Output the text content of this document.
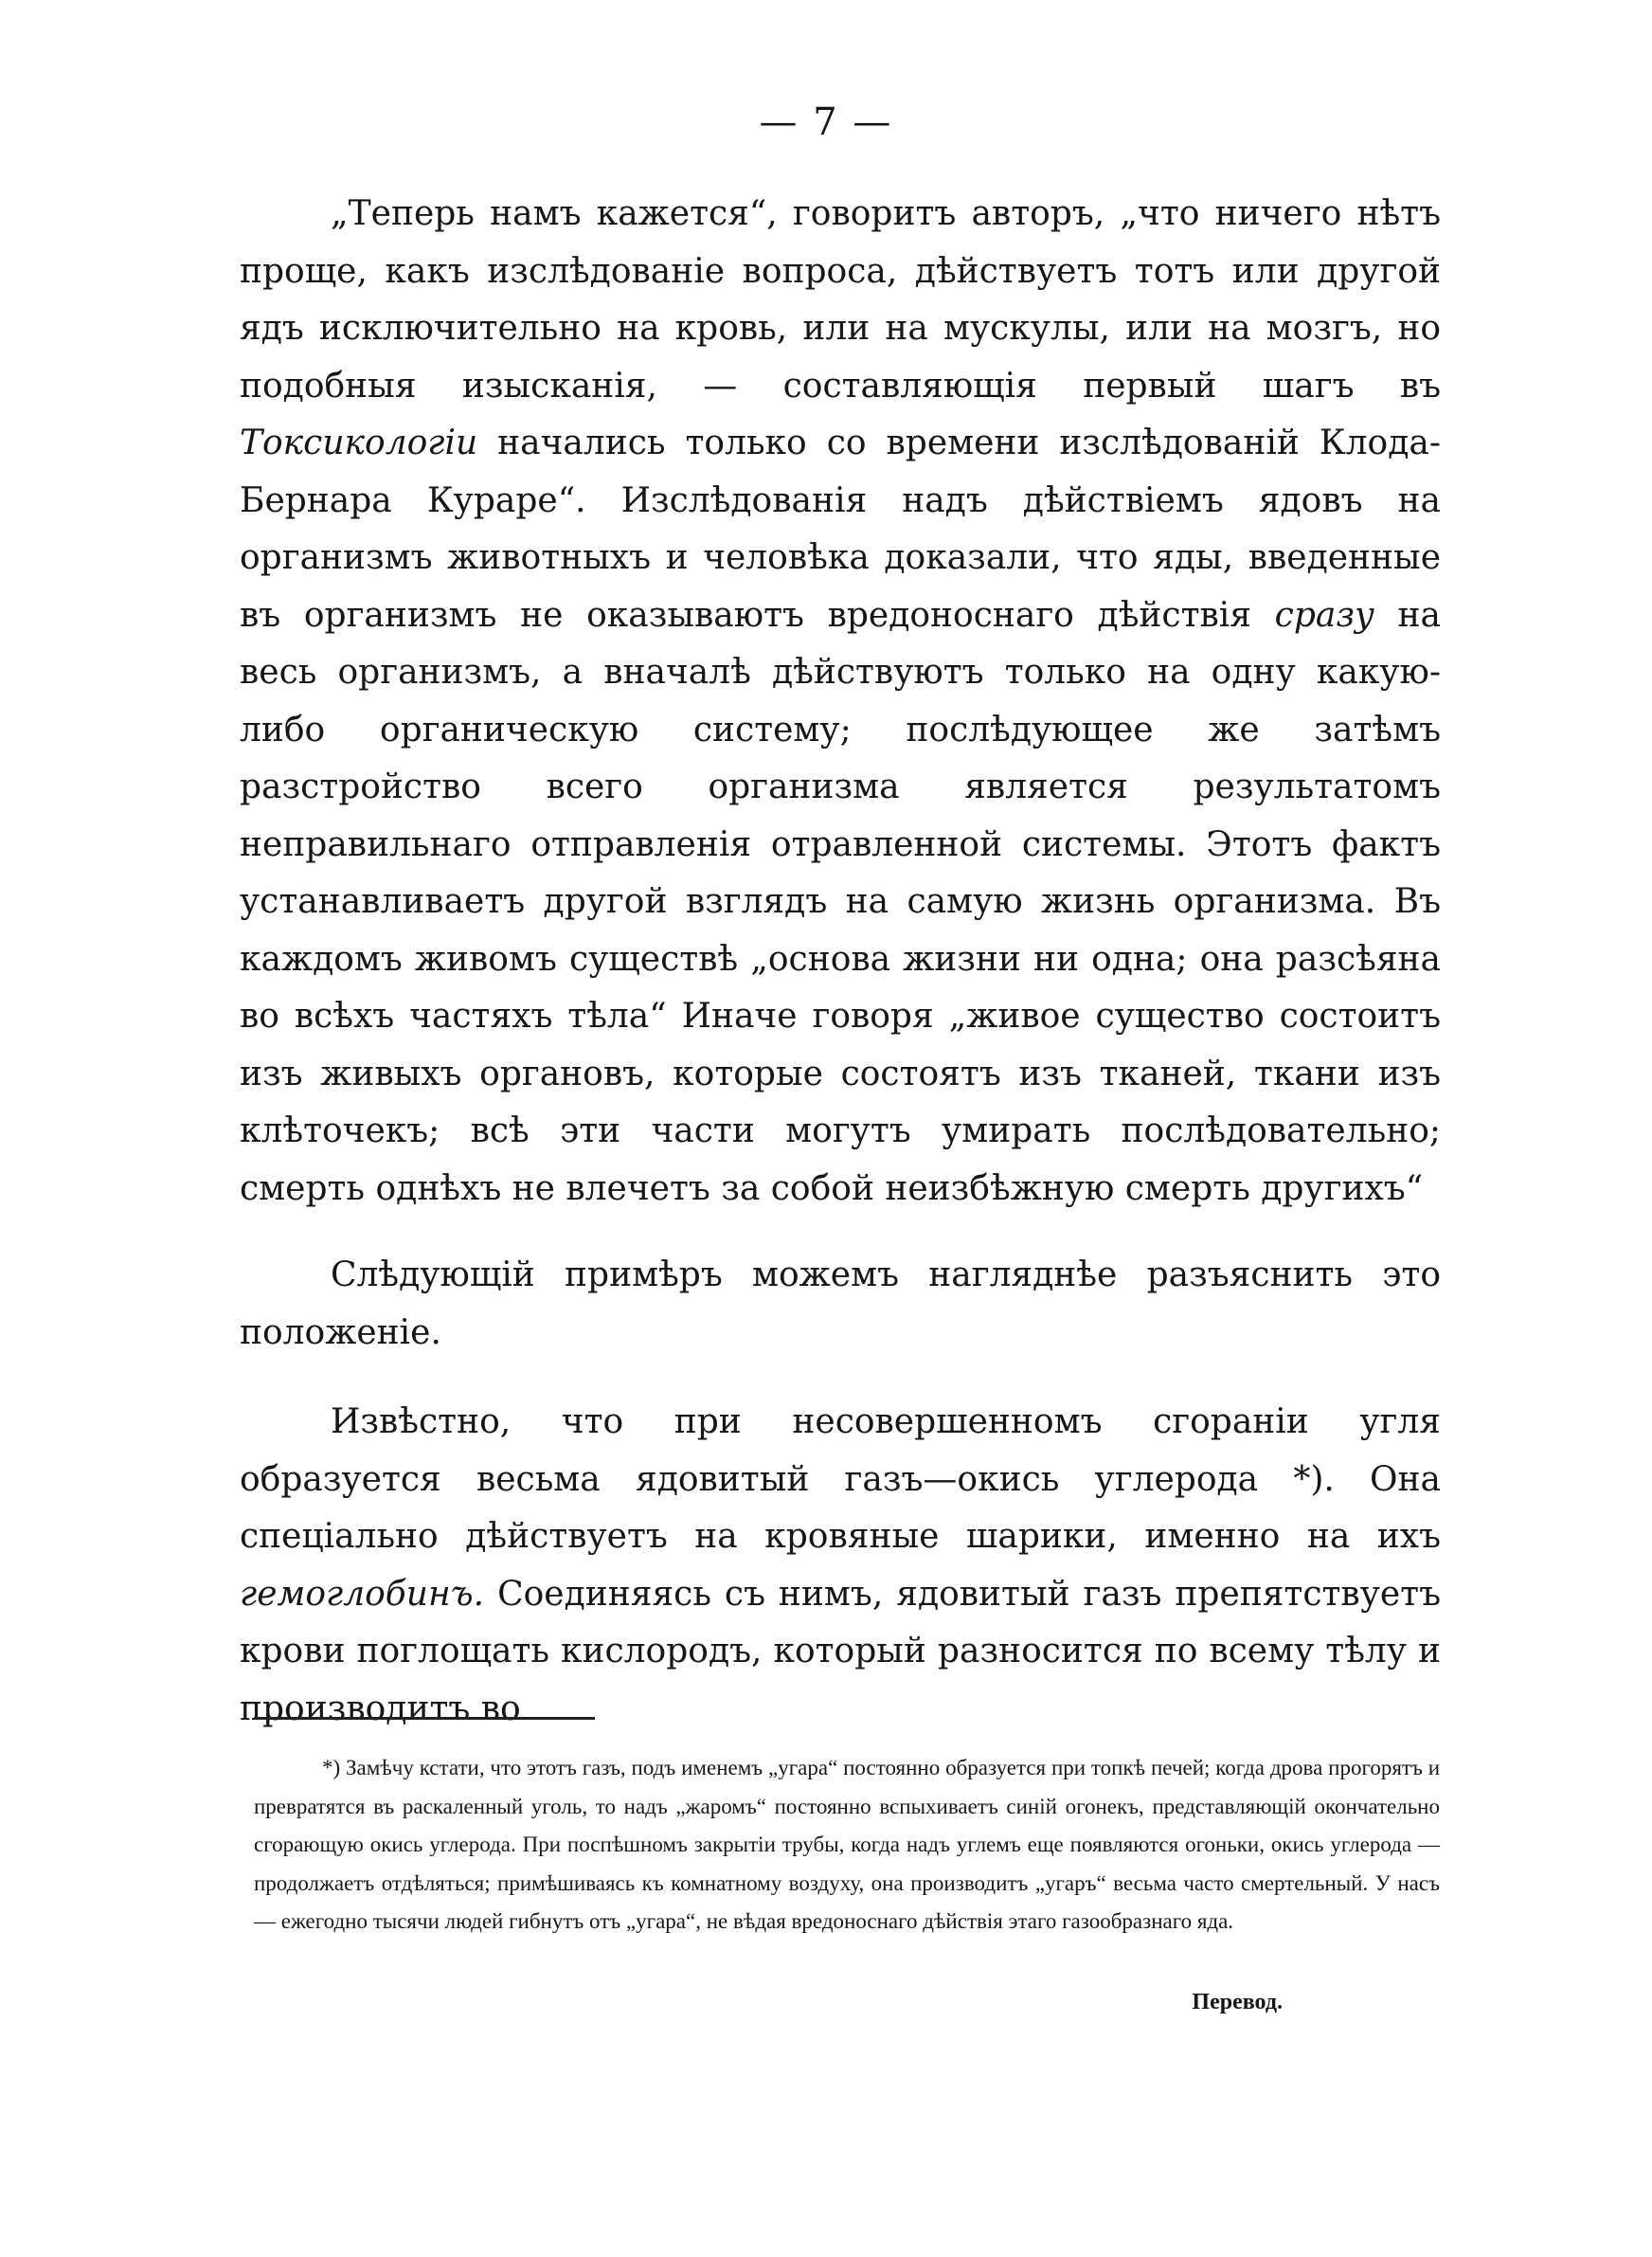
— 7 —

„Теперь намъ кажется“, говоритъ авторъ, „что ничего нѣтъ проще, какъ изслѣдованіе вопроса, дѣйствуетъ тотъ или другой ядъ исключительно на кровь, или на мускулы, или на мозгъ, но подобныя изысканія, — составляющія первый шагъ въ Токсикологіи начались только со времени изслѣдованій Клода-Бернара Кураре“. Изслѣдованія надъ дѣйствіемъ ядовъ на организмъ животныхъ и человѣка доказали, что яды, введенные въ организмъ не оказываютъ вредоноснаго дѣйствія сразу на весь организмъ, а вначалѣ дѣйствуютъ только на одну какую-либо органическую систему; послѣдующее же затѣмъ разстройство всего организма является результатомъ неправильнаго отправленія отравленной системы. Этотъ фактъ устанавливаетъ другой взглядъ на самую жизнь организма. Въ каждомъ живомъ существѣ „основа жизни ни одна; она разсѣяна во всѣхъ частяхъ тѣла“ Иначе говоря „живое существо состоитъ изъ живыхъ органовъ, которые состоятъ изъ тканей, ткани изъ клѣточекъ; всѣ эти части могутъ умирать послѣдовательно; смерть однѣхъ не влечетъ за собой неизбѣжную смерть другихъ“

Слѣдующій примѣръ можемъ нагляднѣе разъяснить это положеніе.

Извѣстно, что при несовершенномъ сгораніи угля образуется весьма ядовитый газъ—окись углерода *). Она спеціально дѣйствуетъ на кровяные шарики, именно на ихъ гемоглобинъ. Соединяясь съ нимъ, ядовитый газъ препятствуетъ крови поглощать кислородъ, который разносится по всему тѣлу и производитъ во

*) Замѣчу кстати, что этотъ газъ, подъ именемъ „угара“ постоянно образуется при топкѣ печей; когда дрова прогорятъ и превратятся въ раскаленный уголь, то надъ „жаромъ“ постоянно вспыхиваетъ синій огонекъ, представляющій окончательно сгорающую окись углерода. При поспѣшномъ закрытіи трубы, когда надъ углемъ еще появляются огоньки, окись углерода — продолжаетъ отдѣляться; примѣшиваясь къ комнатному воздуху, она производитъ „угаръ“ весьма часто смертельный. У насъ — ежегодно тысячи людей гибнутъ отъ „угара“, не вѣдая вредоноснаго дѣйствія этаго газообразнаго яда.

Перевод.
